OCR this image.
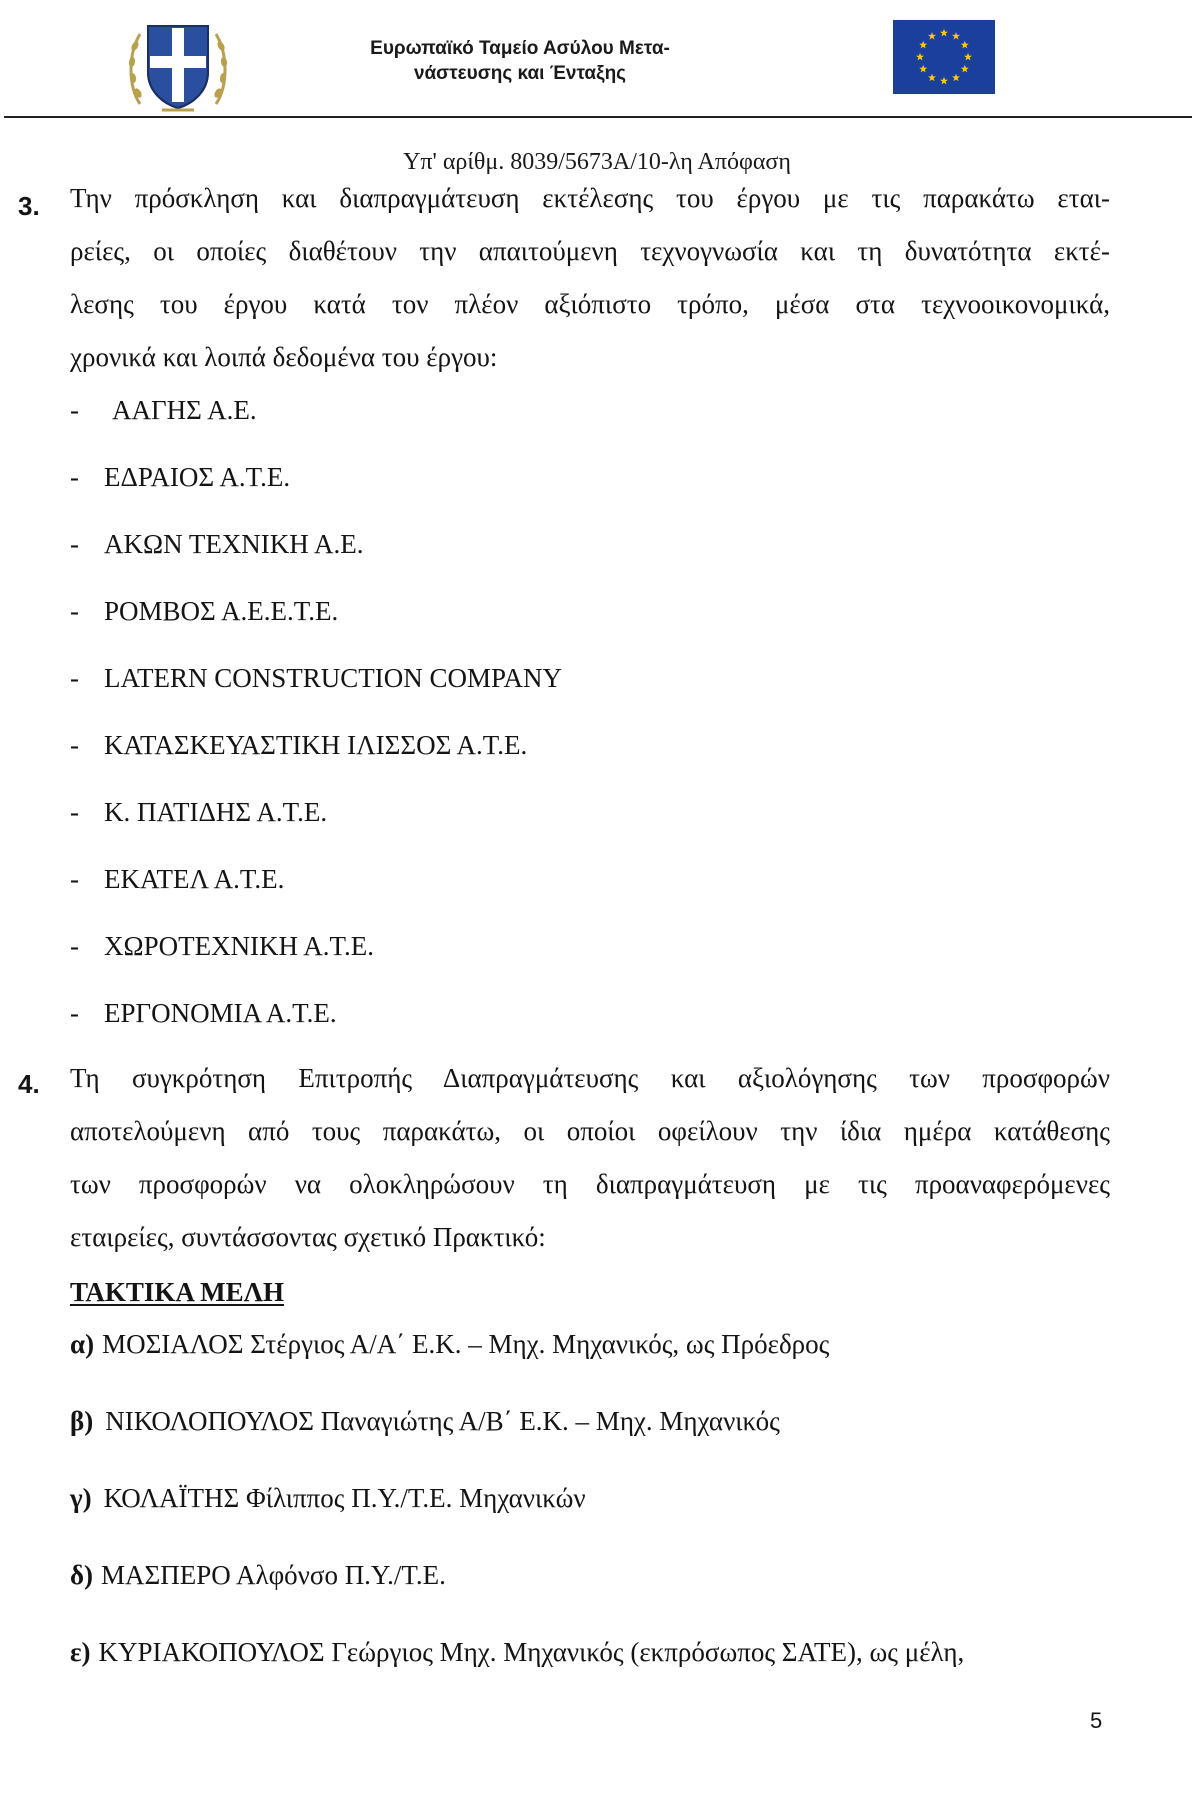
Ευρωπαϊκό Ταμείο Ασύλου Μετα-
νάστευσης και Ένταξης
Υπ' αρίθμ. 8039/5673Α/10-λη Απόφαση
3. Την πρόσκληση και διαπραγμάτευση εκτέλεσης του έργου με τις παρακάτω εται-
ρείες, οι οποίες διαθέτουν την απαιτούμενη τεχνογνωσία και τη δυνατότητα εκτέ-
λεσης του έργου κατά τον πλέον αξιόπιστο τρόπο, μέσα στα τεχνοοικονομικά,
χρονικά και λοιπά δεδομένα του έργου:
- ΑΑΓΗΣ Α.Ε.
- ΕΔΡΑΙΟΣ Α.Τ.Ε.
- ΑΚΩΝ ΤΕΧΝΙΚΗ Α.Ε.
- ΡΟΜΒΟΣ Α.Ε.Ε.Τ.Ε.
- LATERN CONSTRUCTION COMPANY
- ΚΑΤΑΣΚΕΥΑΣΤΙΚΗ ΙΛΙΣΣΟΣ Α.Τ.Ε.
- Κ. ΠΑΤΙΔΗΣ Α.Τ.Ε.
- ΕΚΑΤΕΛ Α.Τ.Ε.
- ΧΩΡΟΤΕΧΝΙΚΗ Α.Τ.Ε.
- ΕΡΓΟΝΟΜΙΑ Α.Τ.Ε.
4. Τη συγκρότηση Επιτροπής Διαπραγμάτευσης και αξιολόγησης των προσφορών
αποτελούμενη από τους παρακάτω, οι οποίοι οφείλουν την ίδια ημέρα κατάθεσης
των προσφορών να ολοκληρώσουν τη διαπραγμάτευση με τις προαναφερόμενες
εταιρείες, συντάσσοντας σχετικό Πρακτικό:
ΤΑΚΤΙΚΑ ΜΕΛΗ
α) ΜΟΣΙΑΛΟΣ Στέργιος Α/Α΄ Ε.Κ. – Μηχ. Μηχανικός, ως Πρόεδρος
β) ΝΙΚΟΛΟΠΟΥΛΟΣ Παναγιώτης Α/Β΄ Ε.Κ. – Μηχ. Μηχανικός
γ) ΚΟΛΑΪΤΗΣ Φίλιππος Π.Υ./Τ.Ε. Μηχανικών
δ) ΜΑΣΠΕΡΟ Αλφόνσο Π.Υ./Τ.Ε.
ε) ΚΥΡΙΑΚΟΠΟΥΛΟΣ Γεώργιος Μηχ. Μηχανικός (εκπρόσωπος ΣΑΤΕ), ως μέλη,
5
